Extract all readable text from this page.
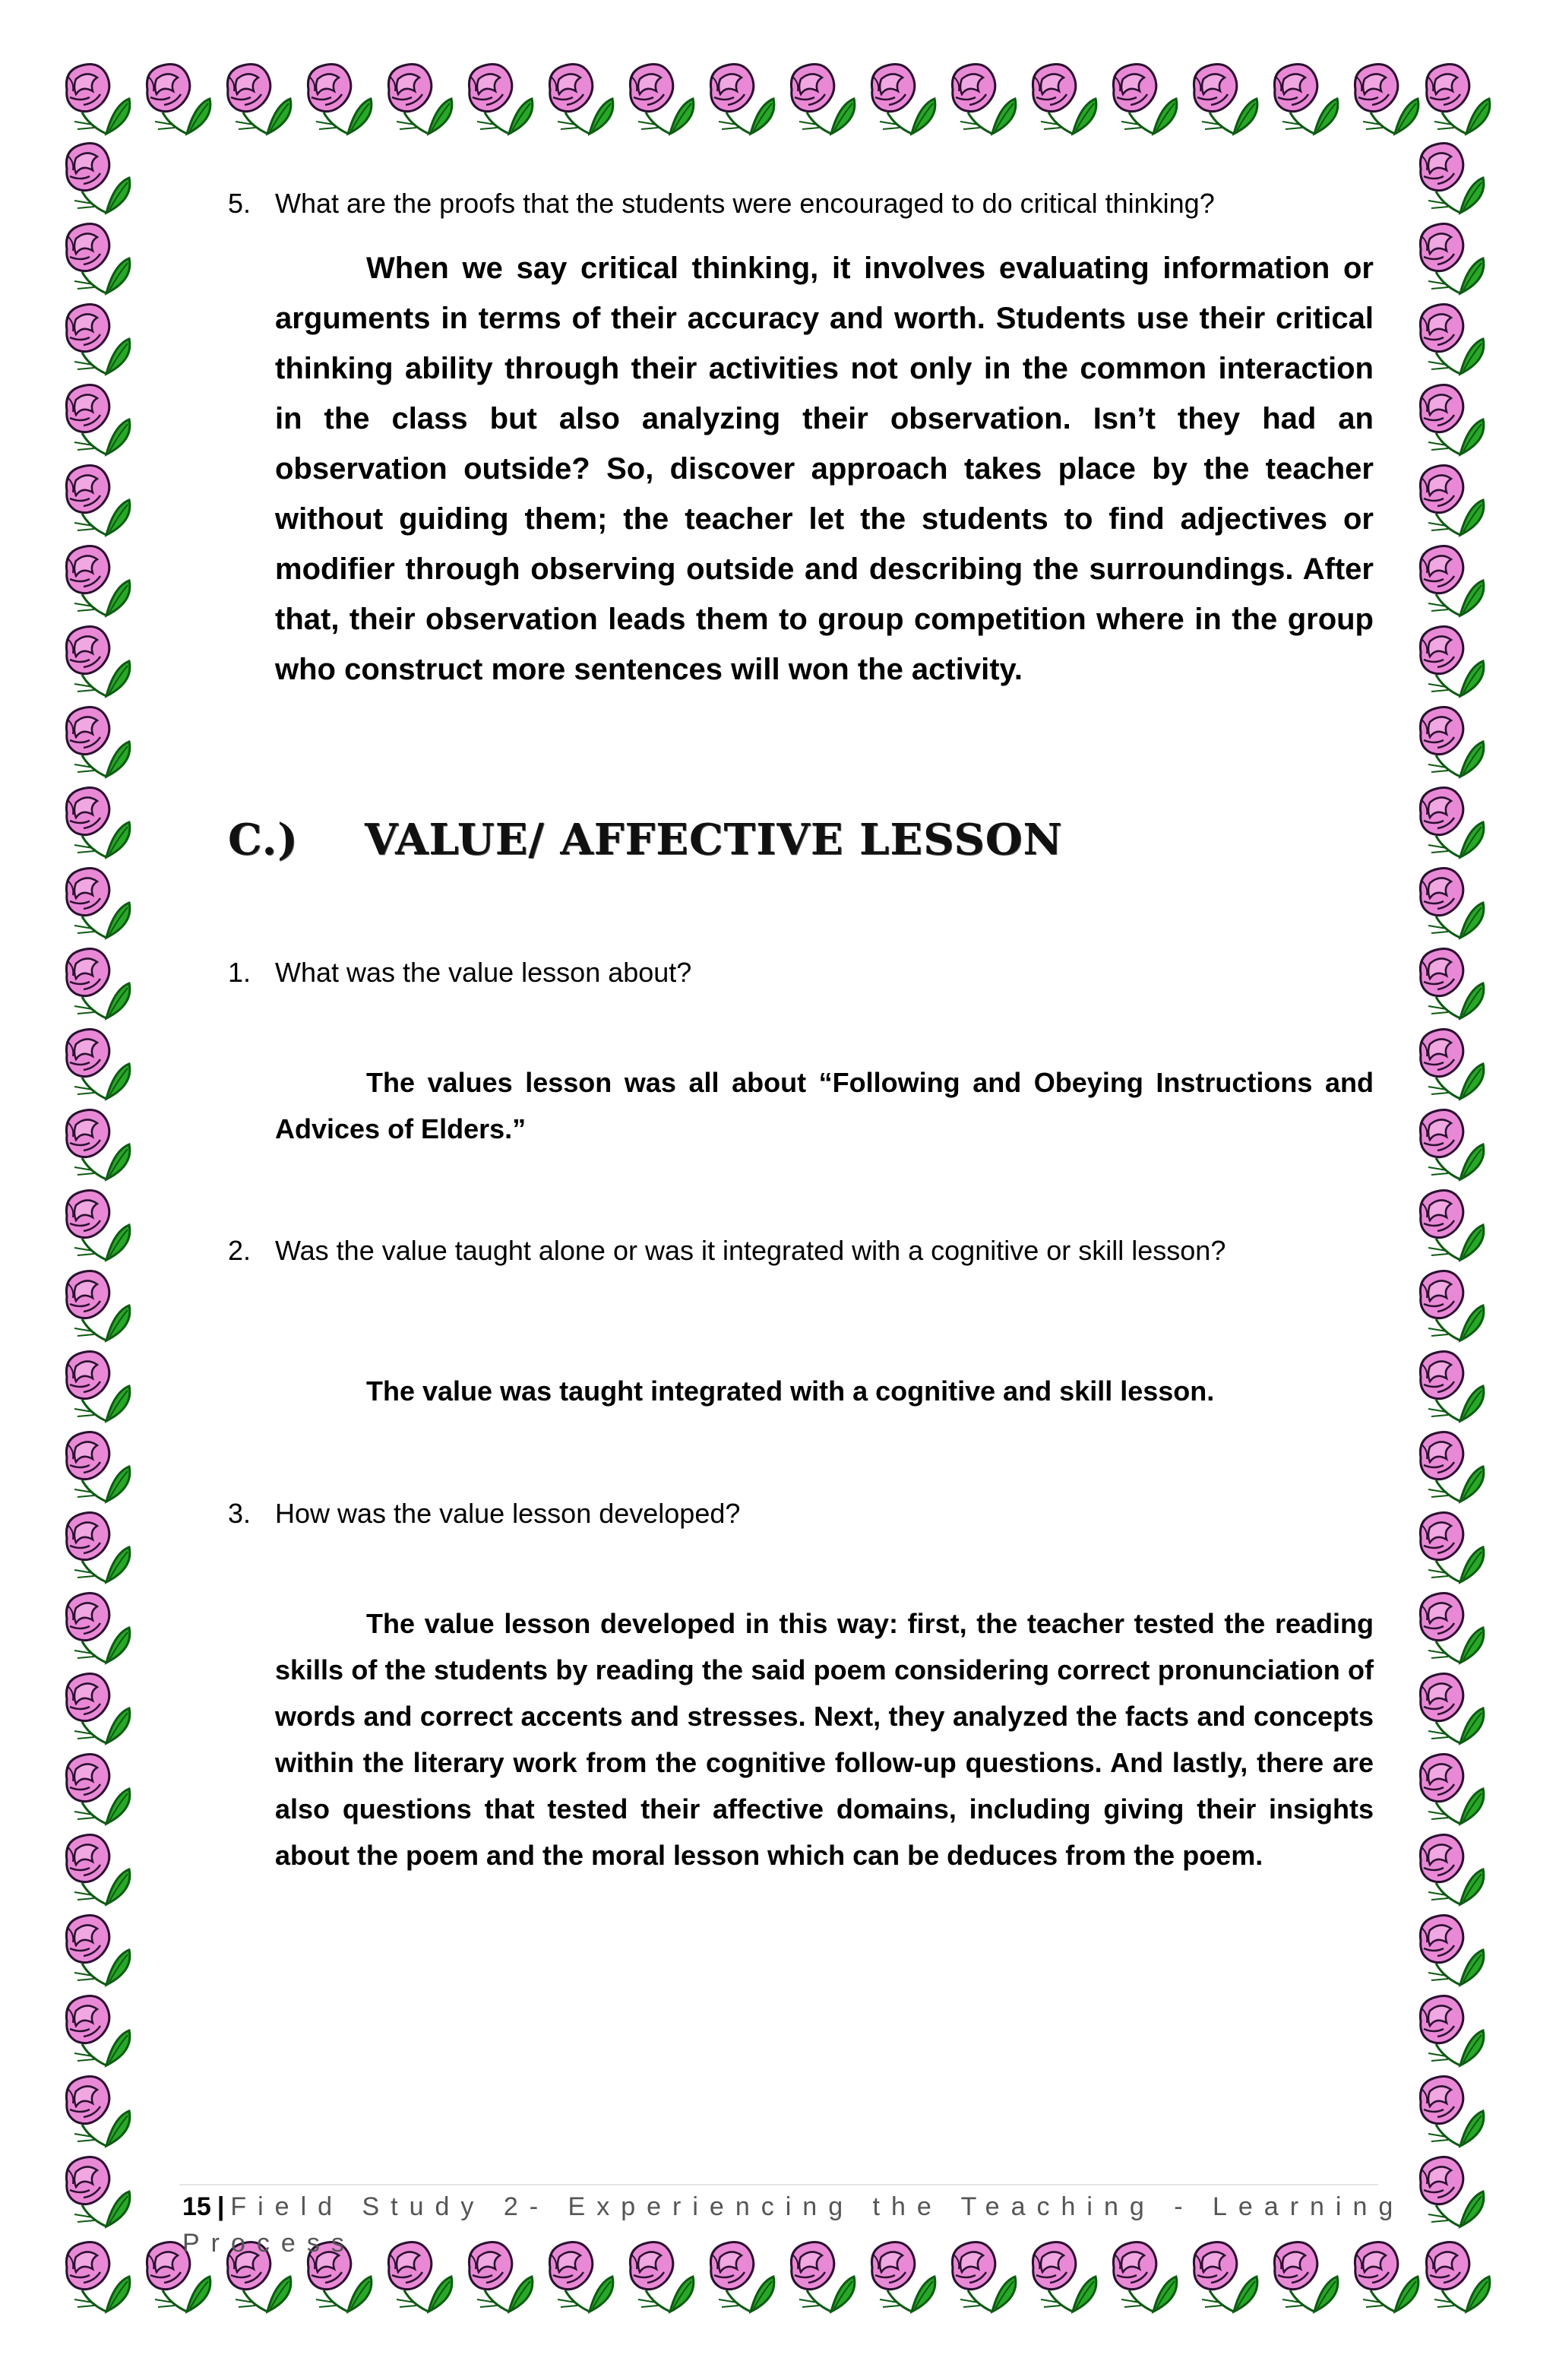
5. What are the proofs that the students were encouraged to do critical thinking?
When we say critical thinking, it involves evaluating information or arguments in terms of their accuracy and worth. Students use their critical thinking ability through their activities not only in the common interaction in the class but also analyzing their observation. Isn’t they had an observation outside? So, discover approach takes place by the teacher without guiding them; the teacher let the students to find adjectives or modifier through observing outside and describing the surroundings. After that, their observation leads them to group competition where in the group who construct more sentences will won the activity.
C.) VALUE/ AFFECTIVE LESSON
1. What was the value lesson about?
The values lesson was all about “Following and Obeying Instructions and Advices of Elders.”
2. Was the value taught alone or was it integrated with a cognitive or skill lesson?
The value was taught integrated with a cognitive and skill lesson.
3. How was the value lesson developed?
The value lesson developed in this way: first, the teacher tested the reading skills of the students by reading the said poem considering correct pronunciation of words and correct accents and stresses. Next, they analyzed the facts and concepts within the literary work from the cognitive follow-up questions. And lastly, there are also questions that tested their affective domains, including giving their insights about the poem and the moral lesson which can be deduces from the poem.
15 | Field Study 2- Experiencing the Teaching - Learning Process
